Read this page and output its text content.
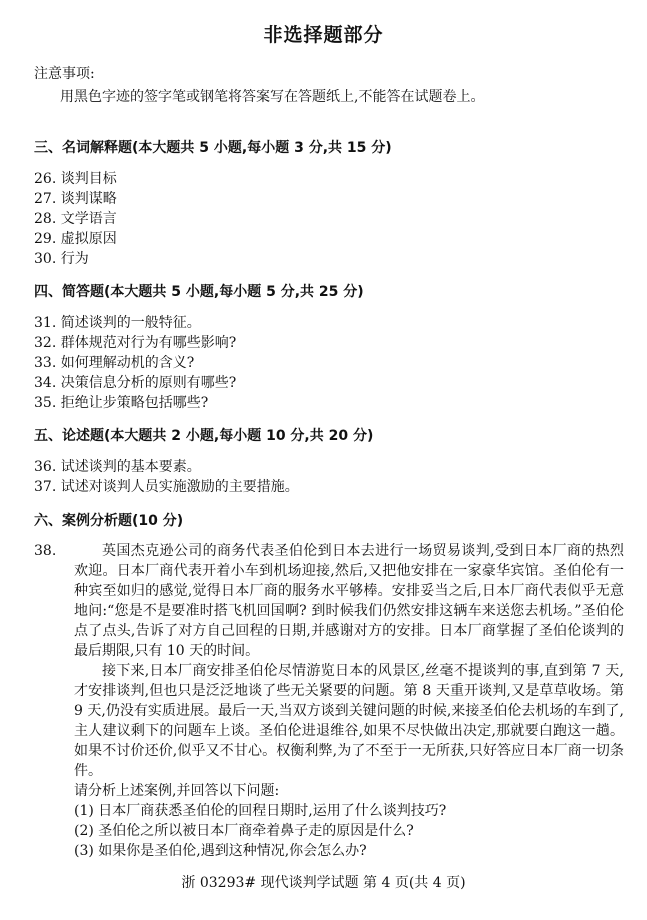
非选择题部分
注意事项:
用黑色字迹的签字笔或钢笔将答案写在答题纸上,不能答在试题卷上。
三、名词解释题(本大题共 5 小题,每小题 3 分,共 15 分)
26. 谈判目标
27. 谈判谋略
28. 文学语言
29. 虚拟原因
30. 行为
四、简答题(本大题共 5 小题,每小题 5 分,共 25 分)
31. 简述谈判的一般特征。
32. 群体规范对行为有哪些影响?
33. 如何理解动机的含义?
34. 决策信息分析的原则有哪些?
35. 拒绝让步策略包括哪些?
五、论述题(本大题共 2 小题,每小题 10 分,共 20 分)
36. 试述谈判的基本要素。
37. 试述对谈判人员实施激励的主要措施。
六、案例分析题(10 分)
38.	英国杰克逊公司的商务代表圣伯伦到日本去进行一场贸易谈判,受到日本厂商的热烈欢迎。日本厂商代表开着小车到机场迎接,然后,又把他安排在一家豪华宾馆。圣伯伦有一种宾至如归的感觉,觉得日本厂商的服务水平够棒。安排妥当之后,日本厂商代表似乎无意地问:“您是不是要准时搭飞机回国啊? 到时候我们仍然安排这辆车来送您去机场。”圣伯伦点了点头,告诉了对方自己回程的日期,并感谢对方的安排。日本厂商掌握了圣伯伦谈判的最后期限,只有 10 天的时间。

接下来,日本厂商安排圣伯伦尽情游览日本的风景区,丝毫不提谈判的事,直到第 7 天,才安排谈判,但也只是泛泛地谈了些无关紧要的问题。第 8 天重开谈判,又是草草收场。第 9 天,仍没有实质进展。最后一天,当双方谈到关键问题的时候,来接圣伯伦去机场的车到了,主人建议剩下的问题车上谈。圣伯伦进退维谷,如果不尽快做出决定,那就要白跑这一趟。如果不讨价还价,似乎又不甘心。权衡利弊,为了不至于一无所获,只好答应日本厂商一切条件。

请分析上述案例,并回答以下问题:

(1) 日本厂商获悉圣伯伦的回程日期时,运用了什么谈判技巧?

(2) 圣伯伦之所以被日本厂商牵着鼻子走的原因是什么?

(3) 如果你是圣伯伦,遇到这种情况,你会怎么办?

浙 03293# 现代谈判学试题 第 4 页(共 4 页)
